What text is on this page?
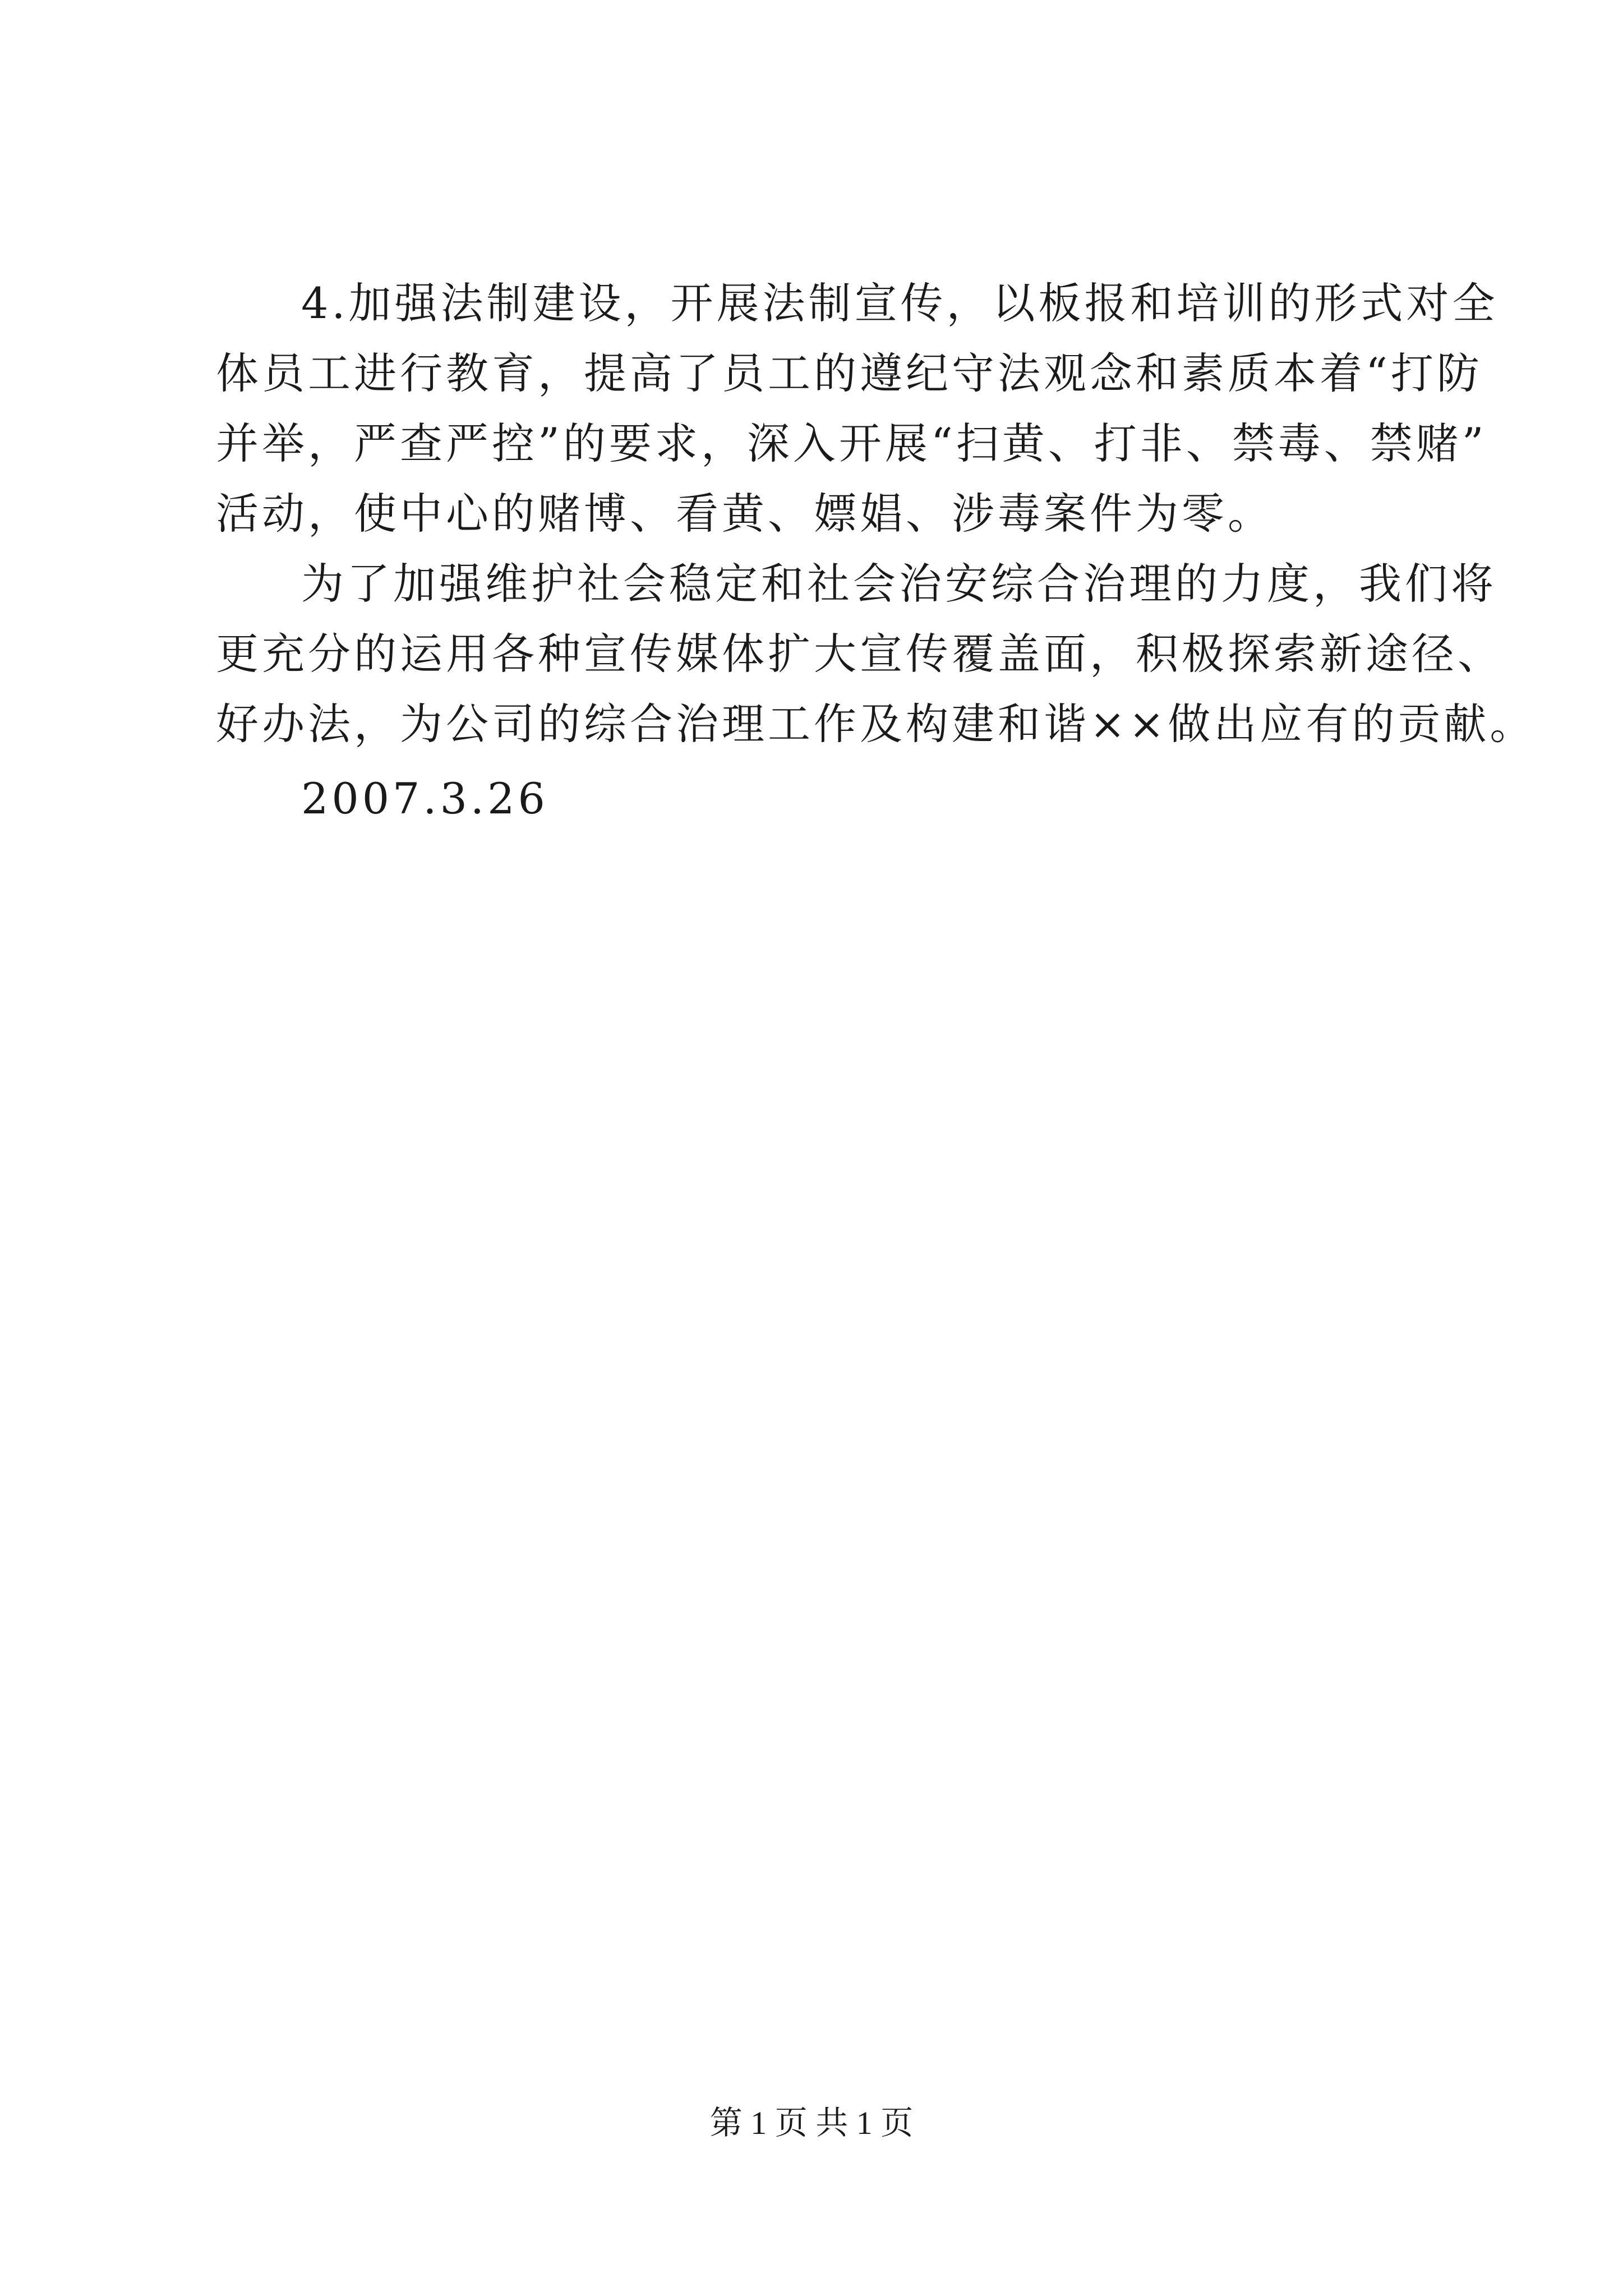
4.加强法制建设，开展法制宣传，以板报和培训的形式对全
体员工进行教育，提高了员工的遵纪守法观念和素质本着“打防
并举，严查严控”的要求，深入开展“扫黄、打非、禁毒、禁赌”
活动，使中心的赌博、看黄、嫖娼、涉毒案件为零。
为了加强维护社会稳定和社会治安综合治理的力度，我们将
更充分的运用各种宣传媒体扩大宣传覆盖面，积极探索新途径、
好办法，为公司的综合治理工作及构建和谐××做出应有的贡献。
2007.3.26
第 1 页 共 1 页
